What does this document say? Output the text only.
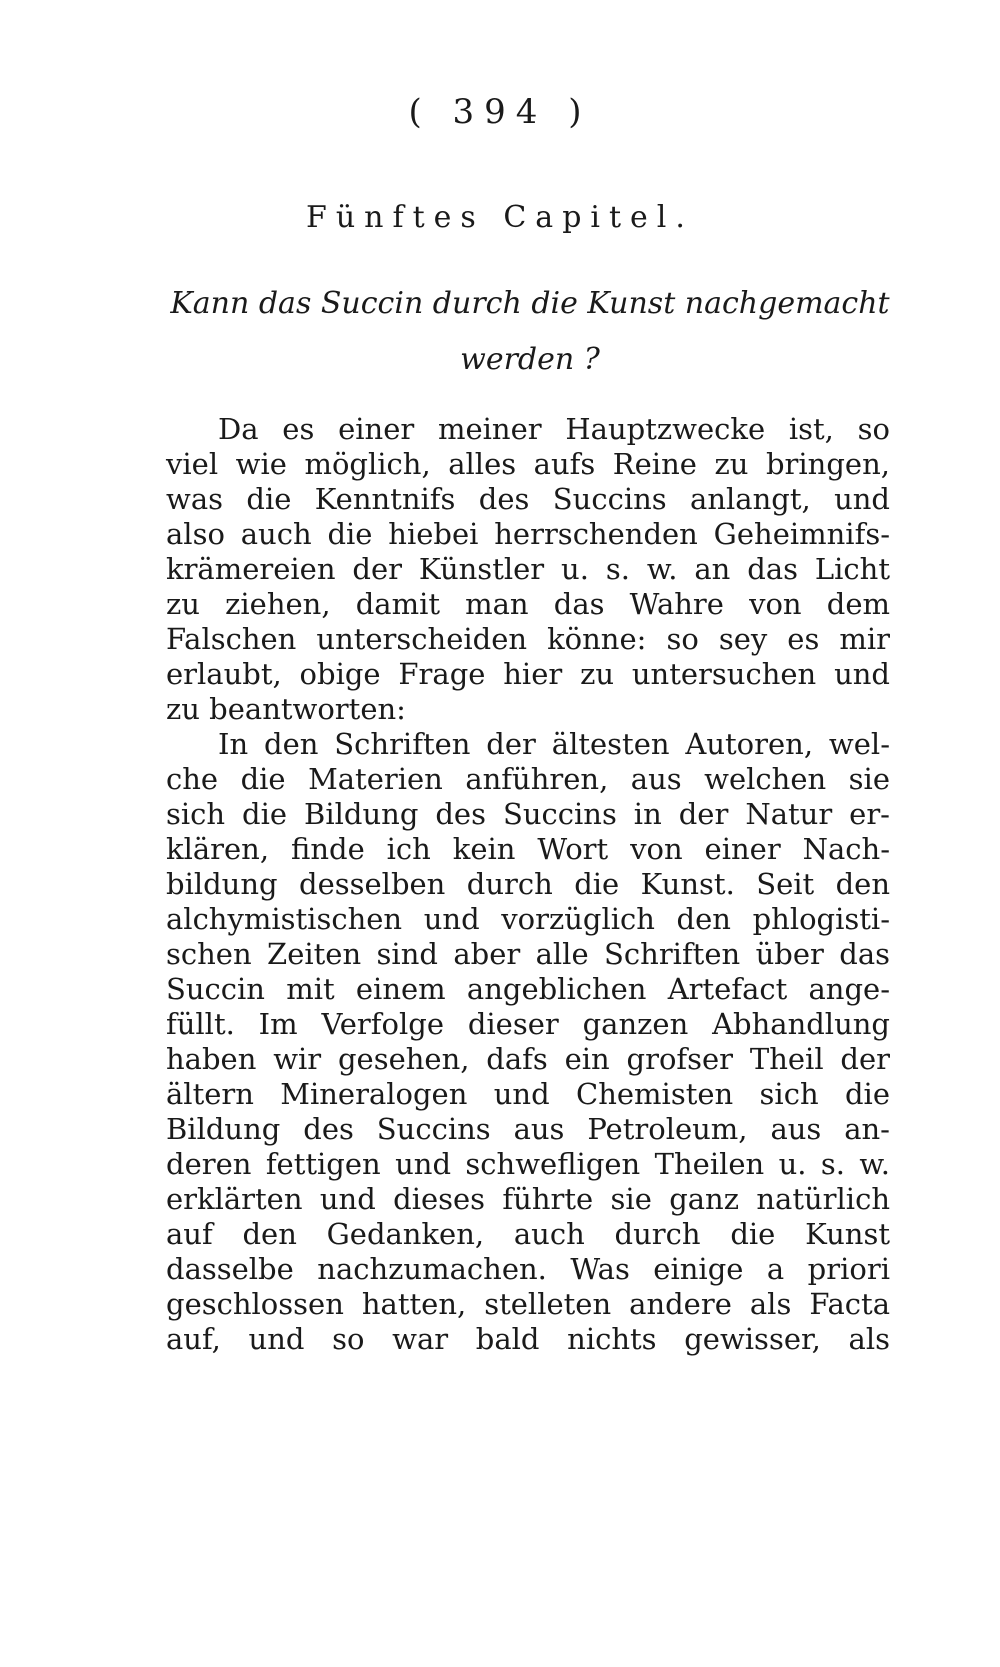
( 394 )
Fünftes Capitel.
Kann das Succin durch die Kunst nachgemacht werden ?
Da es einer meiner Hauptzwecke ist, so
viel wie möglich, alles aufs Reine zu bringen,
was die Kenntnifs des Succins anlangt, und
also auch die hiebei herrschenden Geheimnifs-
krämereien der Künstler u. s. w. an das Licht
zu ziehen, damit man das Wahre von dem
Falschen unterscheiden könne: so sey es mir
erlaubt, obige Frage hier zu untersuchen und
zu beantworten:
In den Schriften der ältesten Autoren, wel-
che die Materien anführen, aus welchen sie
sich die Bildung des Succins in der Natur er-
klären, finde ich kein Wort von einer Nach-
bildung desselben durch die Kunst. Seit den
alchymistischen und vorzüglich den phlogisti-
schen Zeiten sind aber alle Schriften über das
Succin mit einem angeblichen Artefact ange-
füllt. Im Verfolge dieser ganzen Abhandlung
haben wir gesehen, dafs ein grofser Theil der
ältern Mineralogen und Chemisten sich die
Bildung des Succins aus Petroleum, aus an-
deren fettigen und schwefligen Theilen u. s. w.
erklärten und dieses führte sie ganz natürlich
auf den Gedanken, auch durch die Kunst
dasselbe nachzumachen. Was einige a priori
geschlossen hatten, stelleten andere als Facta
auf, und so war bald nichts gewisser, als
